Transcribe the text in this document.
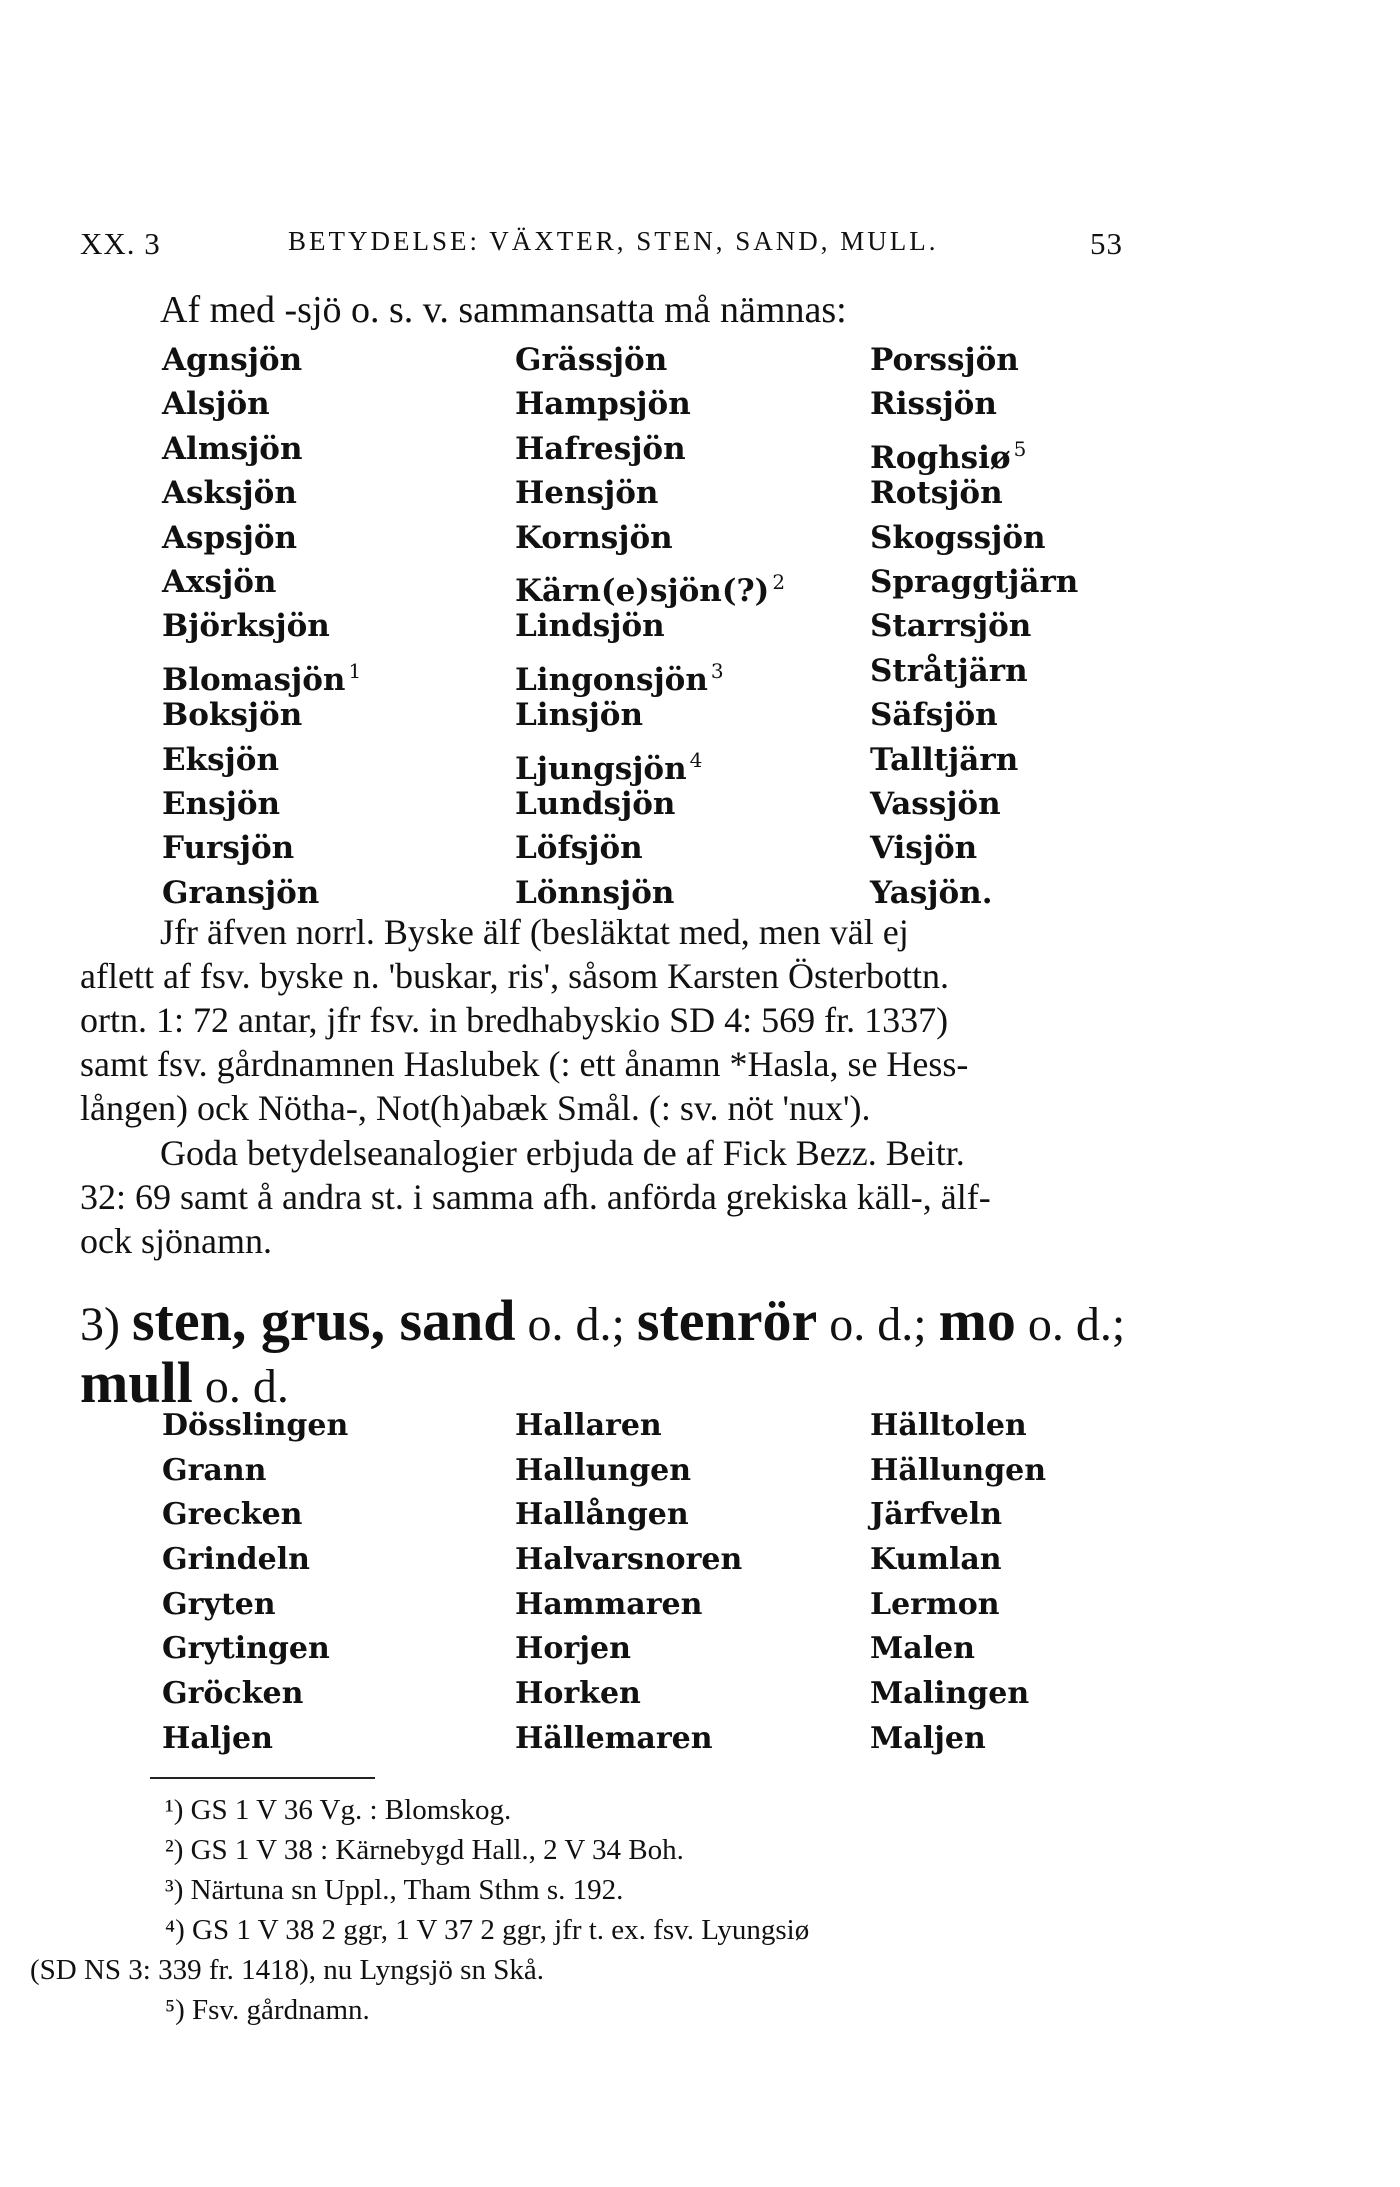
XX. 3	BETYDELSE: VÄXTER, STEN, SAND, MULL.	53
Af med -sjö o. s. v. sammansatta må nämnas:
Agnsjön
Alsjön
Almsjön
Asksjön
Aspsjön
Axsjön
Björksjön
Blomasjön $^1$
Boksjön
Eksjön
Ensjön
Fursjön
Gransjön
Grässjön
Hampsjön
Hafresjön
Hensjön
Kornsjön
Kärn(e)sjön(?) $^2$
Lindsjön
Lingonsjön $^3$
Linsjön
Ljungsjön $^4$
Lundsjön
Löfsjön
Lönnsjön
Porssjön
Rissjön
Roghsiø $^5$
Rotsjön
Skogssjön
Spraggtjärn
Starrsjön
Stråtjärn
Säfsjön
Talltjärn
Vassjön
Visjön
Yasjön.

Jfr äfven norrl. Byske älf (besläktat med, men väl ej

aflett af fsv. byske n. 'buskar, ris', såsom Karsten Österbottn.

ortn. 1: 72 antar, jfr fsv. in bredhabyskio SD 4: 569 fr. 1337)

samt fsv. gårdnamnen Haslubek (: ett ånamn *Hasla, se Hess-

lången) ock Nötha-, Not(h)abæk Smål. (: sv. nöt 'nux').

Goda betydelseanalogier erbjuda de af Fick Bezz. Beitr.

32: 69 samt å andra st. i samma afh. anförda grekiska käll-, älf-

ock sjönamn.

3) sten, grus, sand o. d.; stenrör o. d.; mo o. d.;
mull o. d.
Dösslingen
Grann
Grecken
Grindeln
Gryten
Grytingen
Gröcken
Haljen
Hallaren
Hallungen
Hallången
Halvarsnoren
Hammaren
Horjen
Horken
Hällemaren
Hälltolen
Hällungen
Järfveln
Kumlan
Lermon
Malen
Malingen
Maljen

¹) GS 1 V 36 Vg. : Blomskog.

²) GS 1 V 38 : Kärnebygd Hall., 2 V 34 Boh.

³) Närtuna sn Uppl., Tham Sthm s. 192.

⁴) GS 1 V 38 2 ggr, 1 V 37 2 ggr, jfr t. ex. fsv. Lyungsiø

(SD NS 3: 339 fr. 1418), nu Lyngsjö sn Skå.

⁵) Fsv. gårdnamn.
